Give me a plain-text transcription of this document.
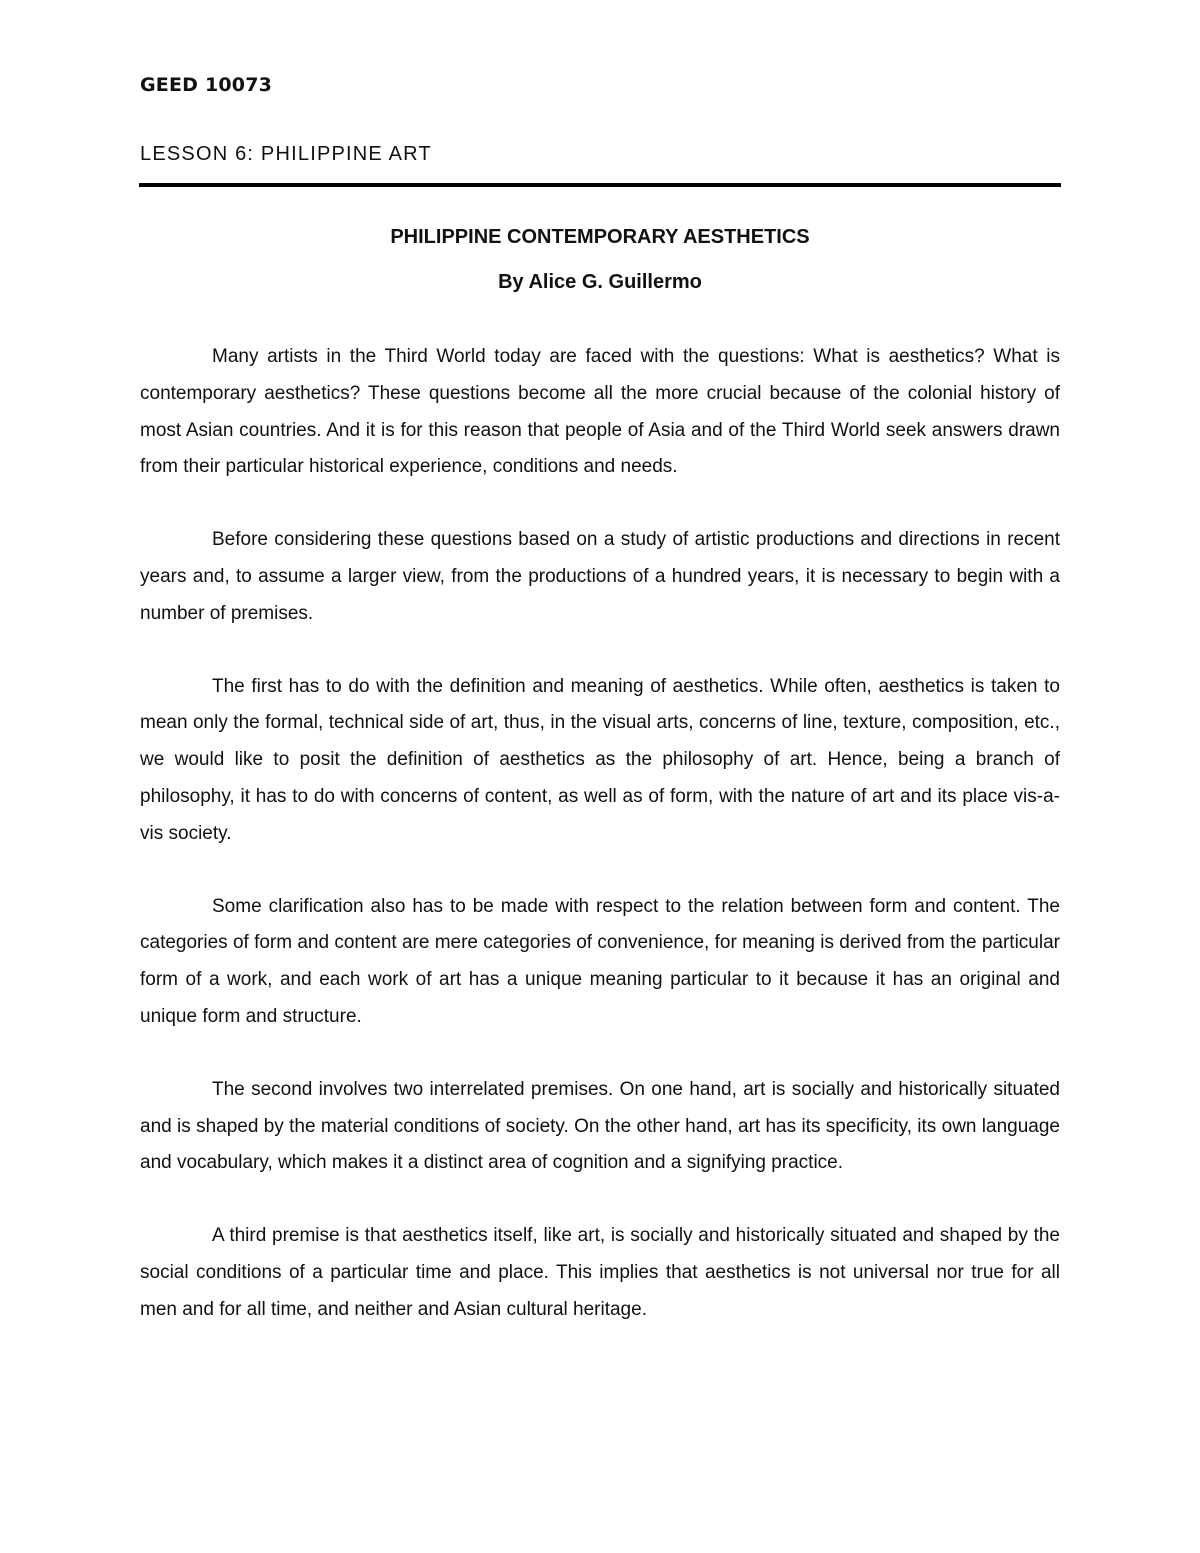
GEED 10073
LESSON 6: PHILIPPINE ART
PHILIPPINE CONTEMPORARY AESTHETICS
By Alice G. Guillermo

Many artists in the Third World today are faced with the questions: What is aesthetics? What is contemporary aesthetics? These questions become all the more crucial because of the colonial history of most Asian countries. And it is for this reason that people of Asia and of the Third World seek answers drawn from their particular historical experience, conditions and needs.

Before considering these questions based on a study of artistic productions and directions in recent years and, to assume a larger view, from the productions of a hundred years, it is necessary to begin with a number of premises.

The first has to do with the definition and meaning of aesthetics. While often, aesthetics is taken to mean only the formal, technical side of art, thus, in the visual arts, concerns of line, texture, composition, etc., we would like to posit the definition of aesthetics as the philosophy of art. Hence, being a branch of philosophy, it has to do with concerns of content, as well as of form, with the nature of art and its place vis-a-vis society.

Some clarification also has to be made with respect to the relation between form and content. The categories of form and content are mere categories of convenience, for meaning is derived from the particular form of a work, and each work of art has a unique meaning particular to it because it has an original and unique form and structure.

The second involves two interrelated premises. On one hand, art is socially and historically situated and is shaped by the material conditions of society. On the other hand, art has its specificity, its own language and vocabulary, which makes it a distinct area of cognition and a signifying practice.

A third premise is that aesthetics itself, like art, is socially and historically situated and shaped by the social conditions of a particular time and place. This implies that aesthetics is not universal nor true for all men and for all time, and neither and Asian cultural heritage.
